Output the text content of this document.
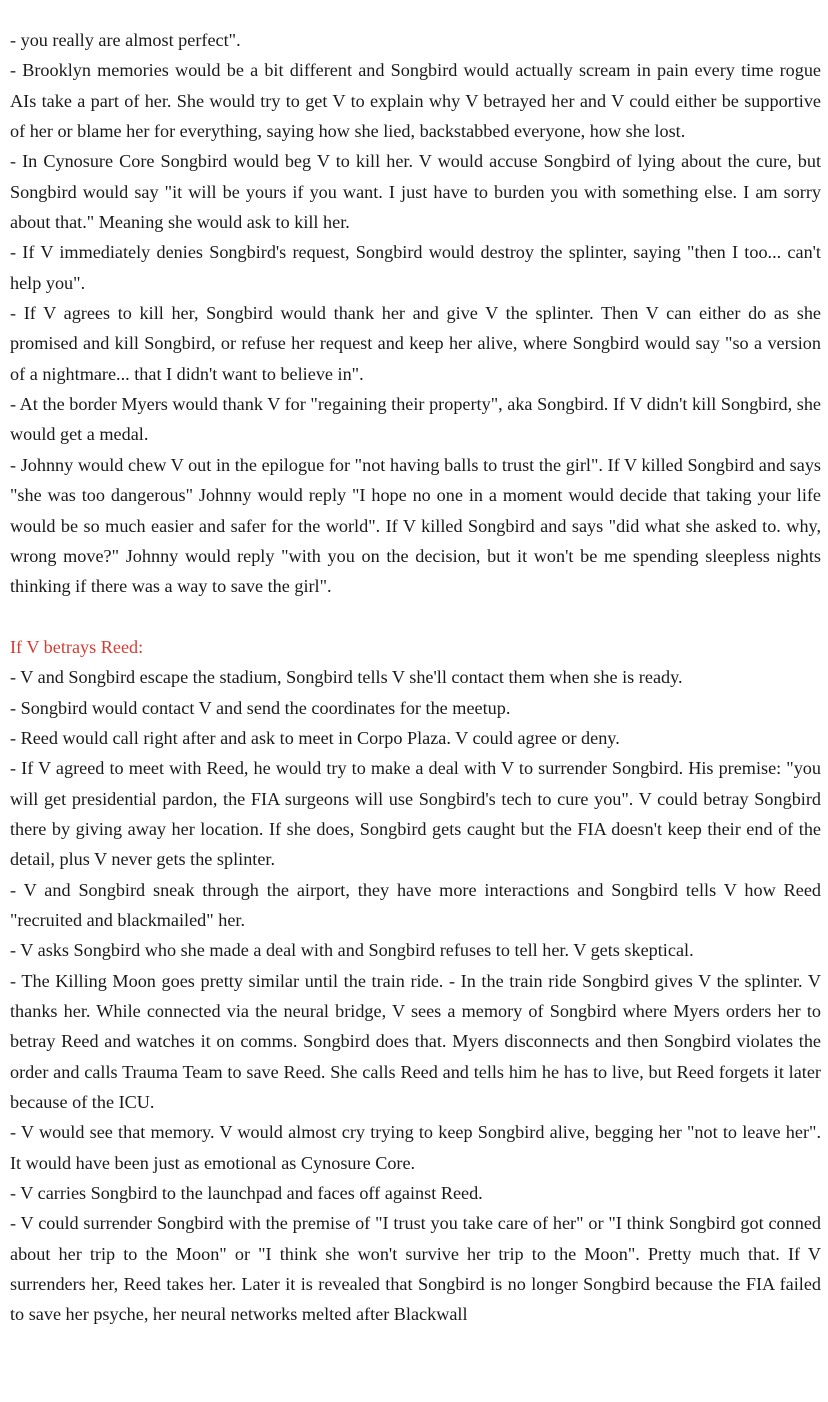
- you really are almost perfect".

- Brooklyn memories would be a bit different and Songbird would actually scream in pain every time rogue AIs take a part of her. She would try to get V to explain why V betrayed her and V could either be supportive of her or blame her for everything, saying how she lied, backstabbed everyone, how she lost.

- In Cynosure Core Songbird would beg V to kill her. V would accuse Songbird of lying about the cure, but Songbird would say "it will be yours if you want. I just have to burden you with something else. I am sorry about that." Meaning she would ask to kill her.

- If V immediately denies Songbird's request, Songbird would destroy the splinter, saying "then I too... can't help you".

- If V agrees to kill her, Songbird would thank her and give V the splinter. Then V can either do as she promised and kill Songbird, or refuse her request and keep her alive, where Songbird would say "so a version of a nightmare... that I didn't want to believe in".

- At the border Myers would thank V for "regaining their property", aka Songbird. If V didn't kill Songbird, she would get a medal.

- Johnny would chew V out in the epilogue for "not having balls to trust the girl". If V killed Songbird and says "she was too dangerous" Johnny would reply "I hope no one in a moment would decide that taking your life would be so much easier and safer for the world". If V killed Songbird and says "did what she asked to. why, wrong move?" Johnny would reply "with you on the decision, but it won't be me spending sleepless nights thinking if there was a way to save the girl".

If V betrays Reed:

- V and Songbird escape the stadium, Songbird tells V she'll contact them when she is ready.

- Songbird would contact V and send the coordinates for the meetup.

- Reed would call right after and ask to meet in Corpo Plaza. V could agree or deny.

- If V agreed to meet with Reed, he would try to make a deal with V to surrender Songbird. His premise: "you will get presidential pardon, the FIA surgeons will use Songbird's tech to cure you". V could betray Songbird there by giving away her location. If she does, Songbird gets caught but the FIA doesn't keep their end of the detail, plus V never gets the splinter.

- V and Songbird sneak through the airport, they have more interactions and Songbird tells V how Reed "recruited and blackmailed" her.

- V asks Songbird who she made a deal with and Songbird refuses to tell her. V gets skeptical.

- The Killing Moon goes pretty similar until the train ride. - In the train ride Songbird gives V the splinter. V thanks her. While connected via the neural bridge, V sees a memory of Songbird where Myers orders her to betray Reed and watches it on comms. Songbird does that. Myers disconnects and then Songbird violates the order and calls Trauma Team to save Reed. She calls Reed and tells him he has to live, but Reed forgets it later because of the ICU.

- V would see that memory. V would almost cry trying to keep Songbird alive, begging her "not to leave her". It would have been just as emotional as Cynosure Core.

- V carries Songbird to the launchpad and faces off against Reed.

- V could surrender Songbird with the premise of "I trust you take care of her" or "I think Songbird got conned about her trip to the Moon" or "I think she won't survive her trip to the Moon". Pretty much that. If V surrenders her, Reed takes her. Later it is revealed that Songbird is no longer Songbird because the FIA failed to save her psyche, her neural networks melted after Blackwall
